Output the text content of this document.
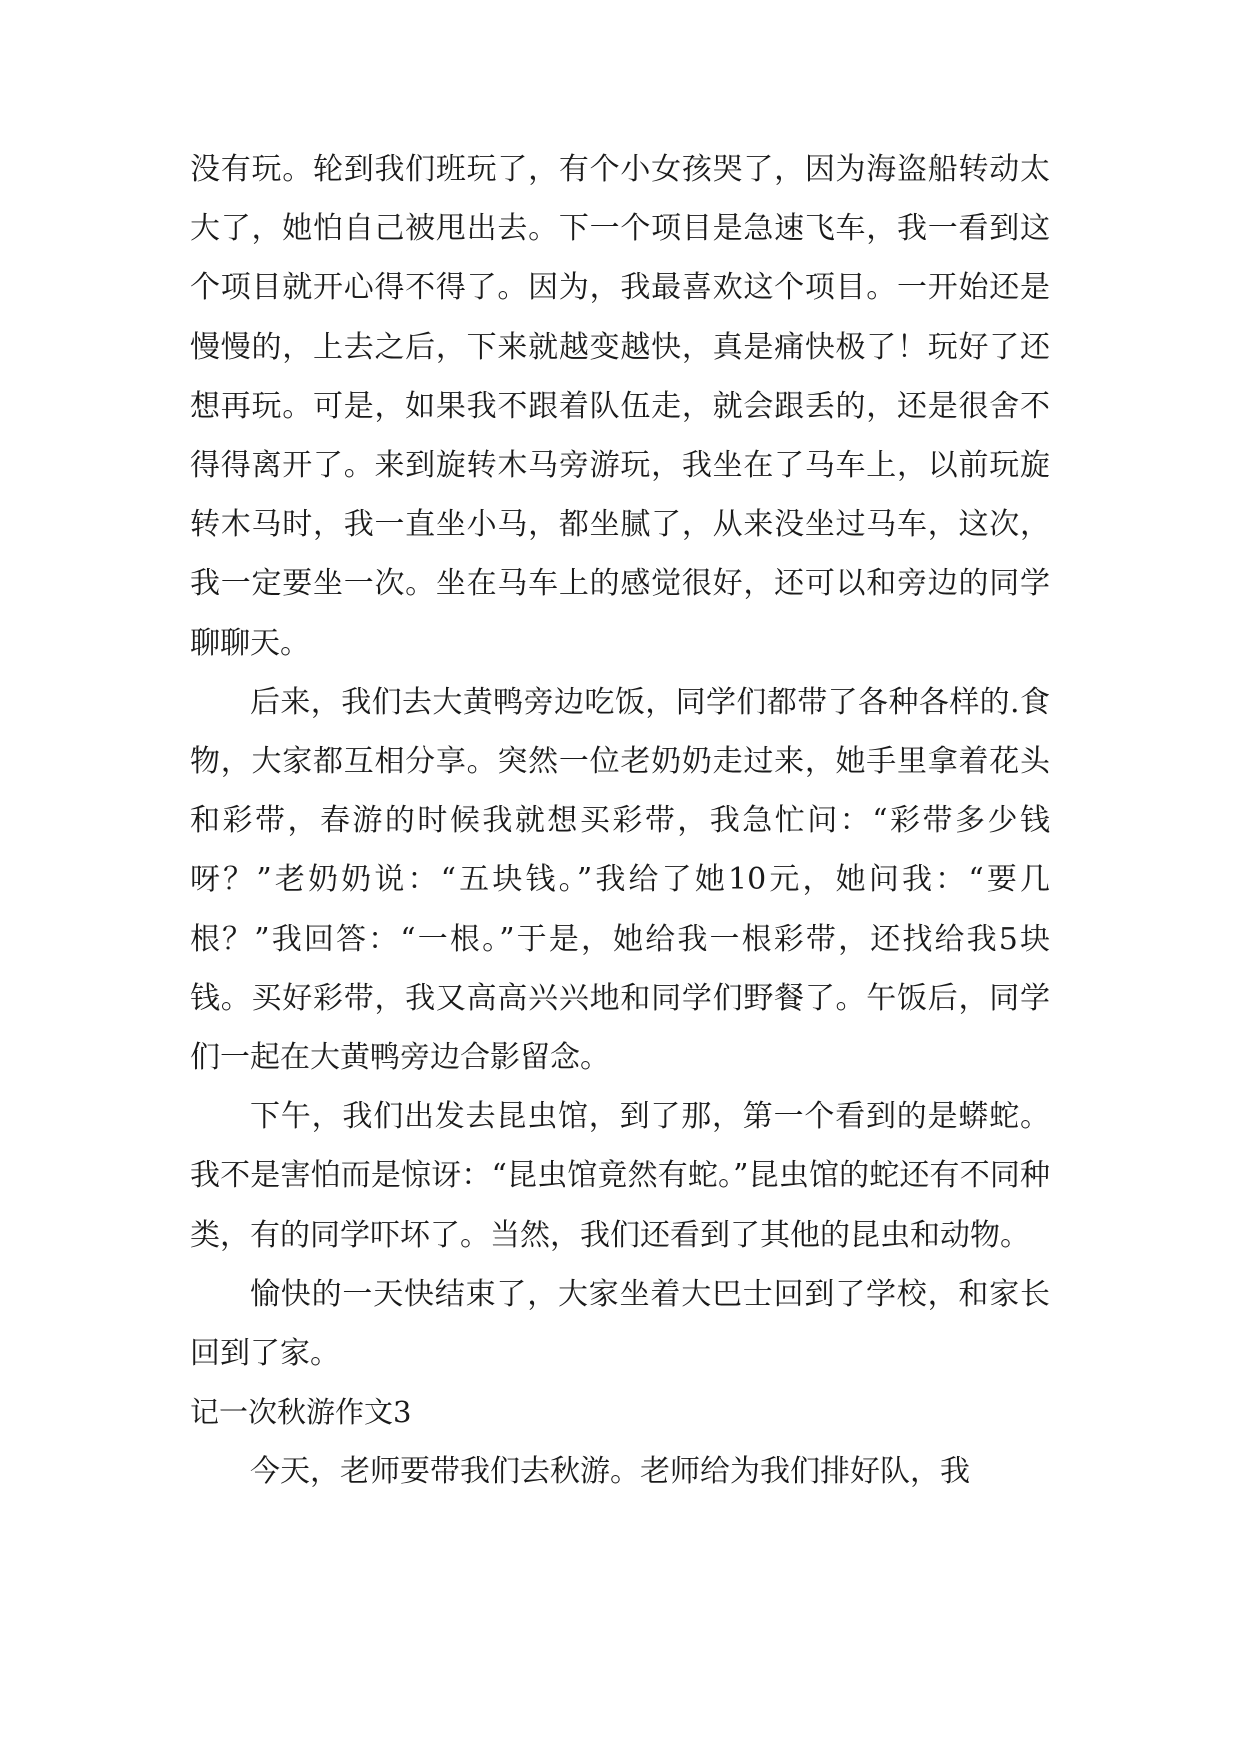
没有玩。轮到我们班玩了，有个小女孩哭了，因为海盗船转动太大了，她怕自己被甩出去。下一个项目是急速飞车，我一看到这个项目就开心得不得了。因为，我最喜欢这个项目。一开始还是慢慢的，上去之后，下来就越变越快，真是痛快极了！玩好了还想再玩。可是，如果我不跟着队伍走，就会跟丢的，还是很舍不得得离开了。来到旋转木马旁游玩，我坐在了马车上，以前玩旋转木马时，我一直坐小马，都坐腻了，从来没坐过马车，这次，我一定要坐一次。坐在马车上的感觉很好，还可以和旁边的同学聊聊天。

后来，我们去大黄鸭旁边吃饭，同学们都带了各种各样的.食物，大家都互相分享。突然一位老奶奶走过来，她手里拿着花头和彩带，春游的时候我就想买彩带，我急忙问：“彩带多少钱呀？”老奶奶说：“五块钱。”我给了她10元，她问我：“要几根？”我回答：“一根。”于是，她给我一根彩带，还找给我5块钱。买好彩带，我又高高兴兴地和同学们野餐了。午饭后，同学们一起在大黄鸭旁边合影留念。

下午，我们出发去昆虫馆，到了那，第一个看到的是蟒蛇。我不是害怕而是惊讶：“昆虫馆竟然有蛇。”昆虫馆的蛇还有不同种类，有的同学吓坏了。当然，我们还看到了其他的昆虫和动物。

愉快的一天快结束了，大家坐着大巴士回到了学校，和家长回到了家。

记一次秋游作文3

今天，老师要带我们去秋游。老师给为我们排好队，我
